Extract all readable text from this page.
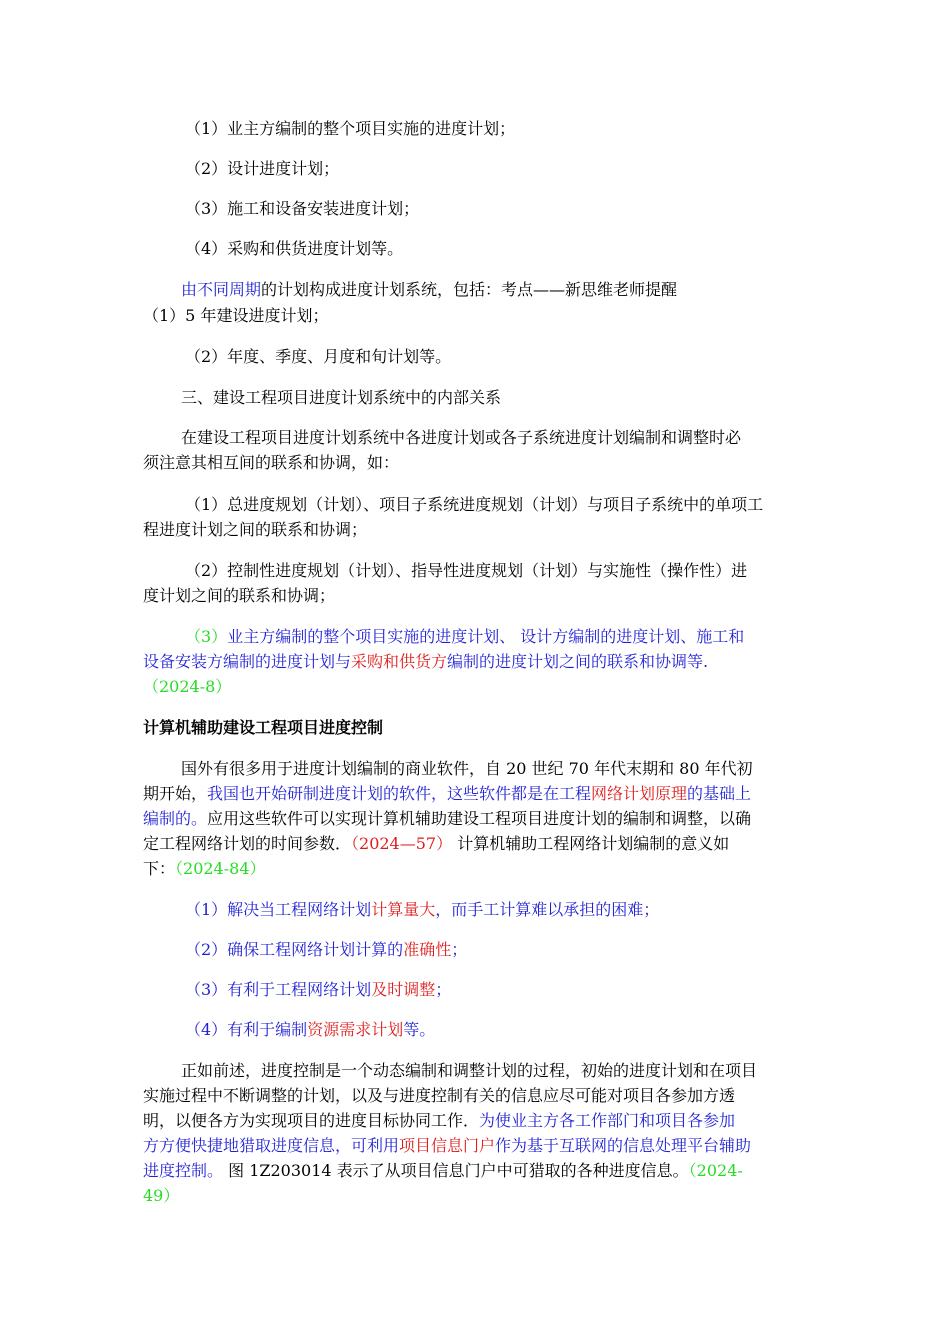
（1）业主方编制的整个项目实施的进度计划；
（2）设计进度计划；
（3）施工和设备安装进度计划；
（4）采购和供货进度计划等。
由不同周期的计划构成进度计划系统，包括：考点——新思维老师提醒
（1）5 年建设进度计划；
（2）年度、季度、月度和旬计划等。
三、建设工程项目进度计划系统中的内部关系
在建设工程项目进度计划系统中各进度计划或各子系统进度计划编制和调整时必
须注意其相互间的联系和协调，如：
（1）总进度规划（计划）、项目子系统进度规划（计划）与项目子系统中的单项工
程进度计划之间的联系和协调；
（2）控制性进度规划（计划）、指导性进度规划（计划）与实施性（操作性）进
度计划之间的联系和协调；
（3）业主方编制的整个项目实施的进度计划、 设计方编制的进度计划、施工和
设备安装方编制的进度计划与采购和供货方编制的进度计划之间的联系和协调等.
（2024-8）
计算机辅助建设工程项目进度控制
国外有很多用于进度计划编制的商业软件，自 20 世纪 70 年代末期和 80 年代初
期开始，我国也开始研制进度计划的软件，这些软件都是在工程网络计划原理的基础上
编制的。应用这些软件可以实现计算机辅助建设工程项目进度计划的编制和调整，以确
定工程网络计划的时间参数．（2024—57） 计算机辅助工程网络计划编制的意义如
下：（2024-84）
（1）解决当工程网络计划计算量大，而手工计算难以承担的困难；
（2）确保工程网络计划计算的准确性；
（3）有利于工程网络计划及时调整；
（4）有利于编制资源需求计划等。
正如前述，进度控制是一个动态编制和调整计划的过程，初始的进度计划和在项目
实施过程中不断调整的计划，以及与进度控制有关的信息应尽可能对项目各参加方透
明，以便各方为实现项目的进度目标协同工作．为使业主方各工作部门和项目各参加
方方便快捷地猎取进度信息，可利用项目信息门户作为基于互联网的信息处理平台辅助
进度控制。 图 1Z203014 表示了从项目信息门户中可猎取的各种进度信息。（2024-
49）
